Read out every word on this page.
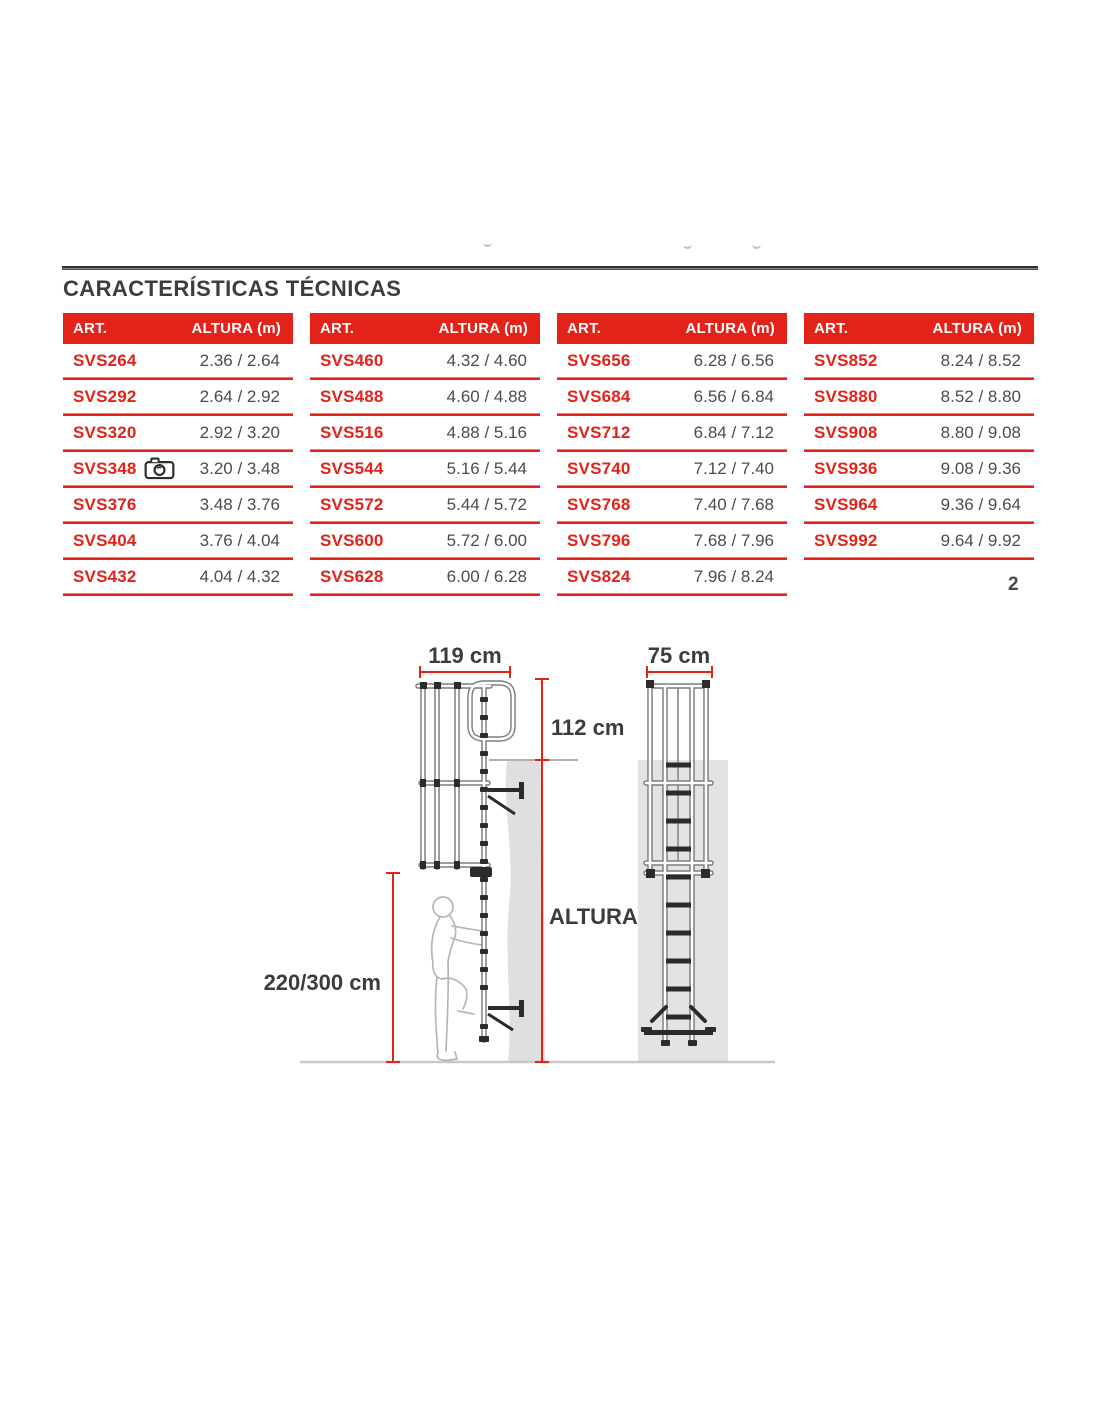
CARACTERÍSTICAS TÉCNICAS
ART.	ALTURA (m)
SVS264	2.36 / 2.64
SVS292	2.64 / 2.92
SVS320	2.92 / 3.20
SVS348	3.20 / 3.48
SVS376	3.48 / 3.76
SVS404	3.76 / 4.04
SVS432	4.04 / 4.32
ART.	ALTURA (m)
SVS460	4.32 / 4.60
SVS488	4.60 / 4.88
SVS516	4.88 / 5.16
SVS544	5.16 / 5.44
SVS572	5.44 / 5.72
SVS600	5.72 / 6.00
SVS628	6.00 / 6.28
ART.	ALTURA (m)
SVS656	6.28 / 6.56
SVS684	6.56 / 6.84
SVS712	6.84 / 7.12
SVS740	7.12 / 7.40
SVS768	7.40 / 7.68
SVS796	7.68 / 7.96
SVS824	7.96 / 8.24
ART.	ALTURA (m)
SVS852	8.24 / 8.52
SVS880	8.52 / 8.80
SVS908	8.80 / 9.08
SVS936	9.08 / 9.36
SVS964	9.36 / 9.64
SVS992	9.64 / 9.92
2
119 cm	75 cm
112 cm
ALTURA
220/300 cm
